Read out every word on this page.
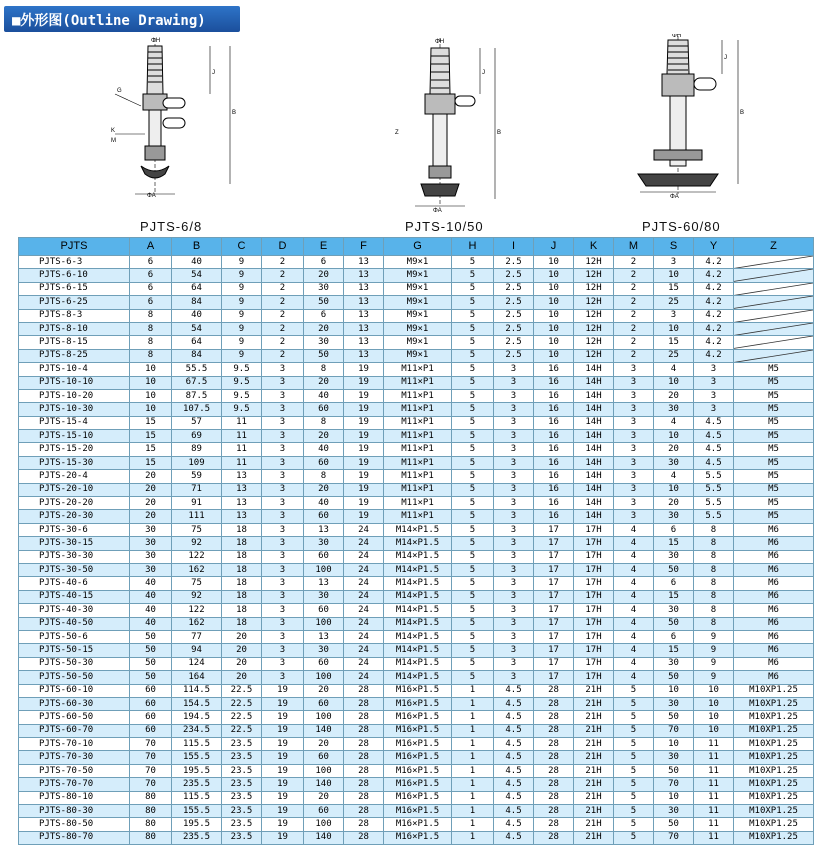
■外形图(Outline Drawing)
ΦH
B
J
G
K
M
ΦA
ΦH
B
J
Z
ΦA
ΦH
B
J
ΦA
PJTS-6/8	PJTS-10/50	PJTS-60/80
PJTS	A	B	C	D	E	F	G	H	I	J	K	M	S	Y	Z
PJTS-6-3	6	40	9	2	6	13	M9×1	5	2.5	10	12H	2	3	4.2	

PJTS-6-10	6	54	9	2	20	13	M9×1	5	2.5	10	12H	2	10	4.2	

PJTS-6-15	6	64	9	2	30	13	M9×1	5	2.5	10	12H	2	15	4.2	

PJTS-6-25	6	84	9	2	50	13	M9×1	5	2.5	10	12H	2	25	4.2	

PJTS-8-3	8	40	9	2	6	13	M9×1	5	2.5	10	12H	2	3	4.2	

PJTS-8-10	8	54	9	2	20	13	M9×1	5	2.5	10	12H	2	10	4.2	

PJTS-8-15	8	64	9	2	30	13	M9×1	5	2.5	10	12H	2	15	4.2	

PJTS-8-25	8	84	9	2	50	13	M9×1	5	2.5	10	12H	2	25	4.2	

PJTS-10-4	10	55.5	9.5	3	8	19	M11×P1	5	3	16	14H	3	4	3	M5
PJTS-10-10	10	67.5	9.5	3	20	19	M11×P1	5	3	16	14H	3	10	3	M5
PJTS-10-20	10	87.5	9.5	3	40	19	M11×P1	5	3	16	14H	3	20	3	M5
PJTS-10-30	10	107.5	9.5	3	60	19	M11×P1	5	3	16	14H	3	30	3	M5
PJTS-15-4	15	57	11	3	8	19	M11×P1	5	3	16	14H	3	4	4.5	M5
PJTS-15-10	15	69	11	3	20	19	M11×P1	5	3	16	14H	3	10	4.5	M5
PJTS-15-20	15	89	11	3	40	19	M11×P1	5	3	16	14H	3	20	4.5	M5
PJTS-15-30	15	109	11	3	60	19	M11×P1	5	3	16	14H	3	30	4.5	M5
PJTS-20-4	20	59	13	3	8	19	M11×P1	5	3	16	14H	3	4	5.5	M5
PJTS-20-10	20	71	13	3	20	19	M11×P1	5	3	16	14H	3	10	5.5	M5
PJTS-20-20	20	91	13	3	40	19	M11×P1	5	3	16	14H	3	20	5.5	M5
PJTS-20-30	20	111	13	3	60	19	M11×P1	5	3	16	14H	3	30	5.5	M5
PJTS-30-6	30	75	18	3	13	24	M14×P1.5	5	3	17	17H	4	6	8	M6
PJTS-30-15	30	92	18	3	30	24	M14×P1.5	5	3	17	17H	4	15	8	M6
PJTS-30-30	30	122	18	3	60	24	M14×P1.5	5	3	17	17H	4	30	8	M6
PJTS-30-50	30	162	18	3	100	24	M14×P1.5	5	3	17	17H	4	50	8	M6
PJTS-40-6	40	75	18	3	13	24	M14×P1.5	5	3	17	17H	4	6	8	M6
PJTS-40-15	40	92	18	3	30	24	M14×P1.5	5	3	17	17H	4	15	8	M6
PJTS-40-30	40	122	18	3	60	24	M14×P1.5	5	3	17	17H	4	30	8	M6
PJTS-40-50	40	162	18	3	100	24	M14×P1.5	5	3	17	17H	4	50	8	M6
PJTS-50-6	50	77	20	3	13	24	M14×P1.5	5	3	17	17H	4	6	9	M6
PJTS-50-15	50	94	20	3	30	24	M14×P1.5	5	3	17	17H	4	15	9	M6
PJTS-50-30	50	124	20	3	60	24	M14×P1.5	5	3	17	17H	4	30	9	M6
PJTS-50-50	50	164	20	3	100	24	M14×P1.5	5	3	17	17H	4	50	9	M6
PJTS-60-10	60	114.5	22.5	19	20	28	M16×P1.5	1	4.5	28	21H	5	10	10	M10XP1.25
PJTS-60-30	60	154.5	22.5	19	60	28	M16×P1.5	1	4.5	28	21H	5	30	10	M10XP1.25
PJTS-60-50	60	194.5	22.5	19	100	28	M16×P1.5	1	4.5	28	21H	5	50	10	M10XP1.25
PJTS-60-70	60	234.5	22.5	19	140	28	M16×P1.5	1	4.5	28	21H	5	70	10	M10XP1.25
PJTS-70-10	70	115.5	23.5	19	20	28	M16×P1.5	1	4.5	28	21H	5	10	11	M10XP1.25
PJTS-70-30	70	155.5	23.5	19	60	28	M16×P1.5	1	4.5	28	21H	5	30	11	M10XP1.25
PJTS-70-50	70	195.5	23.5	19	100	28	M16×P1.5	1	4.5	28	21H	5	50	11	M10XP1.25
PJTS-70-70	70	235.5	23.5	19	140	28	M16×P1.5	1	4.5	28	21H	5	70	11	M10XP1.25
PJTS-80-10	80	115.5	23.5	19	20	28	M16×P1.5	1	4.5	28	21H	5	10	11	M10XP1.25
PJTS-80-30	80	155.5	23.5	19	60	28	M16×P1.5	1	4.5	28	21H	5	30	11	M10XP1.25
PJTS-80-50	80	195.5	23.5	19	100	28	M16×P1.5	1	4.5	28	21H	5	50	11	M10XP1.25
PJTS-80-70	80	235.5	23.5	19	140	28	M16×P1.5	1	4.5	28	21H	5	70	11	M10XP1.25
